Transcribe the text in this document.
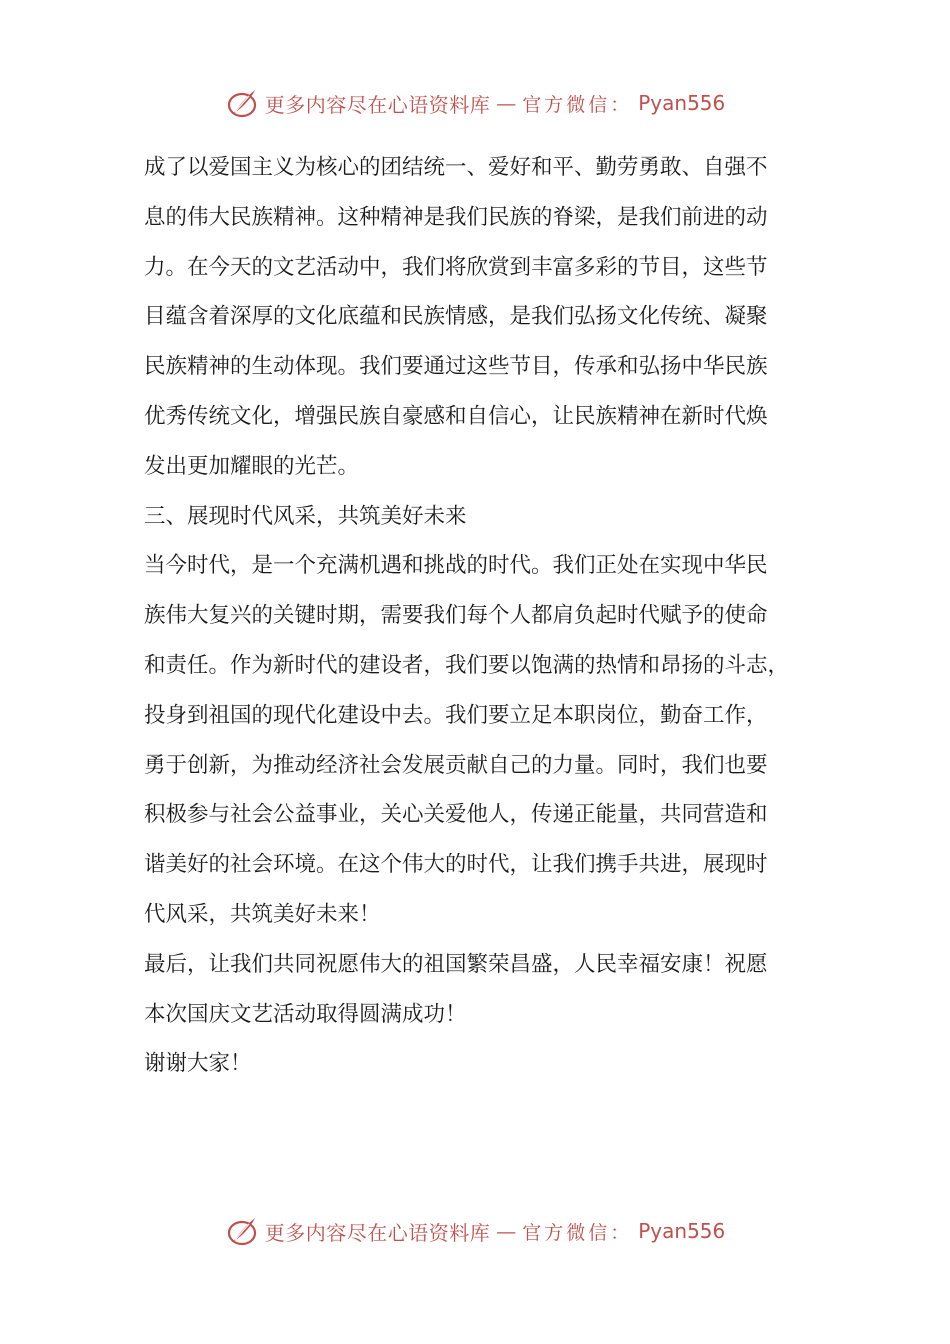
更多内容尽在心语资料库 — 官方微信： Pyan556
成了以爱国主义为核心的团结统一、爱好和平、勤劳勇敢、自强不
息的伟大民族精神。这种精神是我们民族的脊梁，是我们前进的动
力。在今天的文艺活动中，我们将欣赏到丰富多彩的节目，这些节
目蕴含着深厚的文化底蕴和民族情感，是我们弘扬文化传统、凝聚
民族精神的生动体现。我们要通过这些节目，传承和弘扬中华民族
优秀传统文化，增强民族自豪感和自信心，让民族精神在新时代焕
发出更加耀眼的光芒。
三、展现时代风采，共筑美好未来
当今时代，是一个充满机遇和挑战的时代。我们正处在实现中华民
族伟大复兴的关键时期，需要我们每个人都肩负起时代赋予的使命
和责任。作为新时代的建设者，我们要以饱满的热情和昂扬的斗志，
投身到祖国的现代化建设中去。我们要立足本职岗位，勤奋工作，
勇于创新，为推动经济社会发展贡献自己的力量。同时，我们也要
积极参与社会公益事业，关心关爱他人，传递正能量，共同营造和
谐美好的社会环境。在这个伟大的时代，让我们携手共进，展现时
代风采，共筑美好未来！
最后，让我们共同祝愿伟大的祖国繁荣昌盛，人民幸福安康！祝愿
本次国庆文艺活动取得圆满成功！
谢谢大家！
更多内容尽在心语资料库 — 官方微信： Pyan556
